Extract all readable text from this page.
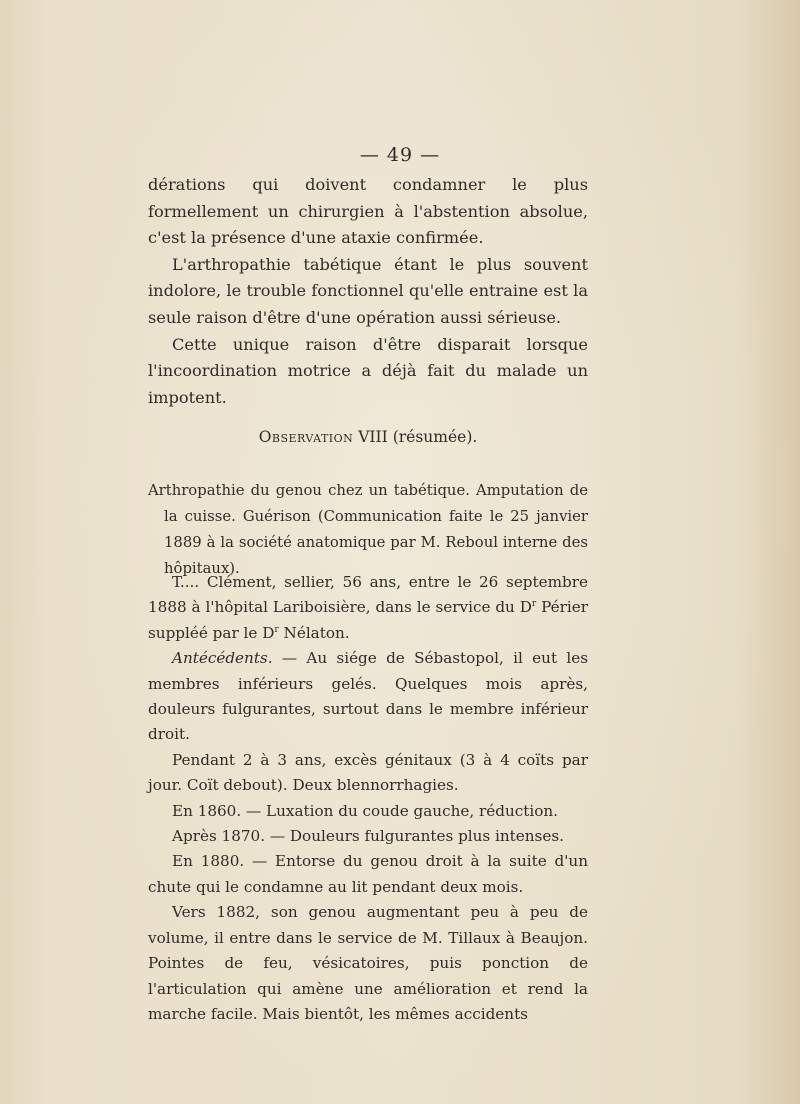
— 49 —

dérations qui doivent condamner le plus formellement un chirurgien à l'abstention absolue, c'est la présence d'une ataxie confirmée.

L'arthropathie tabétique étant le plus souvent indolore, le trouble fonctionnel qu'elle entraine est la seule raison d'être d'une opération aussi sérieuse.

Cette unique raison d'être disparait lorsque l'incoordination motrice a déjà fait du malade un impotent.

Observation VIII (résumée).
Arthropathie du genou chez un tabétique. Amputation de la cuisse. Guérison (Communication faite le 25 janvier 1889 à la société anatomique par M. Reboul interne des hôpitaux).

T.... Clément, sellier, 56 ans, entre le 26 septembre 1888 à l'hôpital Lariboisière, dans le service du $D^r$ Périer suppléé par le $D^r$ Nélaton.

Antécédents. — Au siége de Sébastopol, il eut les membres inférieurs gelés. Quelques mois après, douleurs fulgurantes, surtout dans le membre inférieur droit.

Pendant 2 à 3 ans, excès génitaux (3 à 4 coïts par jour. Coït debout). Deux blennorrhagies.

En 1860. — Luxation du coude gauche, réduction.

Après 1870. — Douleurs fulgurantes plus intenses.

En 1880. — Entorse du genou droit à la suite d'un chute qui le condamne au lit pendant deux mois.

Vers 1882, son genou augmentant peu à peu de volume, il entre dans le service de M. Tillaux à Beaujon. Pointes de feu, vésicatoires, puis ponction de l'articulation qui amène une amélioration et rend la marche facile. Mais bientôt, les mêmes accidents
